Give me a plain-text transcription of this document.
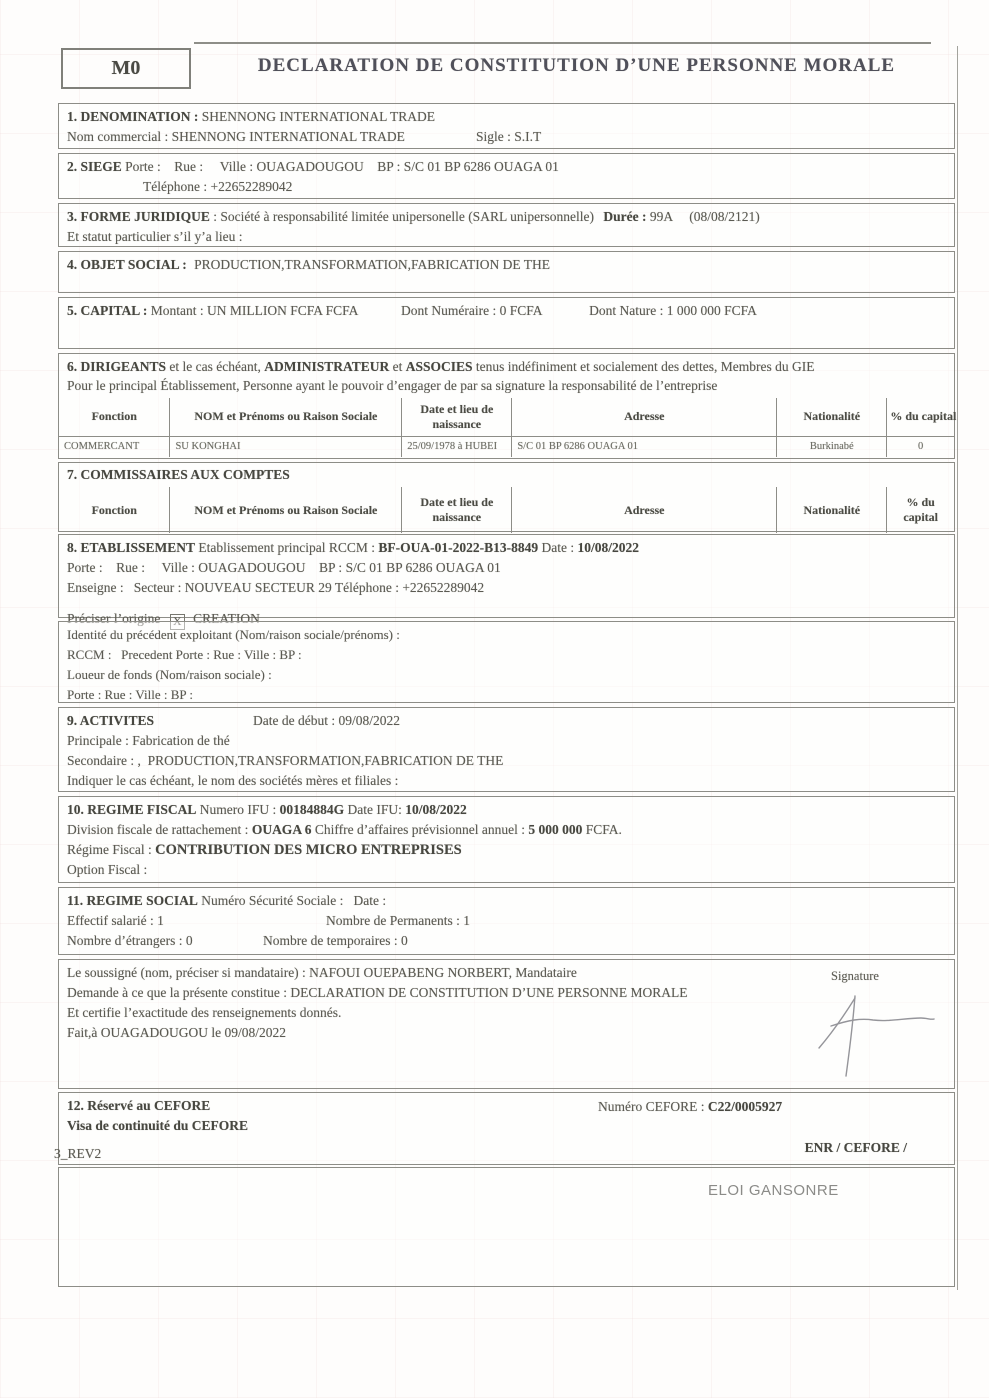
M0	DECLARATION DE CONSTITUTION D’UNE PERSONNE MORALE
1. DENOMINATION : SHENNONG INTERNATIONAL TRADE
Nom commercial : SHENNONG INTERNATIONAL TRADE	Sigle : S.I.T
2. SIEGE Porte :    Rue :     Ville : OUAGADOUGOU    BP : S/C 01 BP 6286 OUAGA 01
Téléphone : +22652289042
3. FORME JURIDIQUE : Société à responsabilité limitée unipersonelle (SARL unipersonnelle) Durée : 99A     (08/08/2121)
Et statut particulier s’il y’a lieu :
4. OBJET SOCIAL : PRODUCTION,TRANSFORMATION,FABRICATION DE THE
5. CAPITAL : Montant : UN MILLION FCFA FCFA	Dont Numéraire : 0 FCFA	Dont Nature : 1 000 000 FCFA
6. DIRIGEANTS et le cas échéant, ADMINISTRATEUR et ASSOCIES tenus indéfiniment et socialement des dettes, Membres du GIE
Pour le principal Établissement, Personne ayant le pouvoir d’engager de par sa signature la responsabilité de l’entreprise
Fonction	NOM et Prénoms ou Raison Sociale	Date et lieu de naissance	Adresse	Nationalité	% du capital
COMMERCANT	SU KONGHAI	25/09/1978 à HUBEI	S/C 01 BP 6286 OUAGA 01	Burkinabé	0
7. COMMISSAIRES AUX COMPTES
Fonction	NOM et Prénoms ou Raison Sociale	Date et lieu de naissance	Adresse	Nationalité	% du capital
8. ETABLISSEMENT Etablissement principal RCCM : BF-OUA-01-2022-B13-8849 Date : 10/08/2022
Porte :    Rue :     Ville : OUAGADOUGOU    BP : S/C 01 BP 6286 OUAGA 01
Enseigne :   Secteur : NOUVEAU SECTEUR 29 Téléphone : +22652289042
Préciser l’origine X CREATION
Identité du précédent exploitant (Nom/raison sociale/prénoms) :
RCCM :   Precedent Porte : Rue : Ville : BP :
Loueur de fonds (Nom/raison sociale) :
Porte : Rue : Ville : BP :
9. ACTIVITES	Date de début : 09/08/2022
Principale : Fabrication de thé
Secondaire : ,  PRODUCTION,TRANSFORMATION,FABRICATION DE THE
Indiquer le cas échéant, le nom des sociétés mères et filiales :
10. REGIME FISCAL Numero IFU : 00184884G Date IFU: 10/08/2022
Division fiscale de rattachement : OUAGA 6 Chiffre d’affaires prévisionnel annuel : 5 000 000 FCFA.
Régime Fiscal : CONTRIBUTION DES MICRO ENTREPRISES
Option Fiscal :
11. REGIME SOCIAL Numéro Sécurité Sociale :   Date :
Effectif salarié : 1	Nombre de Permanents : 1
Nombre d’étrangers : 0	Nombre de temporaires : 0
Le soussigné (nom, préciser si mandataire) : NAFOUI OUEPABENG NORBERT, Mandataire
Demande à ce que la présente constitue : DECLARATION DE CONSTITUTION D’UNE PERSONNE MORALE
Et certifie l’exactitude des renseignements donnés.
Fait,à OUAGADOUGOU le 09/08/2022
Signature
12. Réservé au CEFORE
Visa de continuité du CEFORE
Numéro CEFORE : C22/0005927
ENR / CEFORE /
3_REV2
ELOI GANSONRE
